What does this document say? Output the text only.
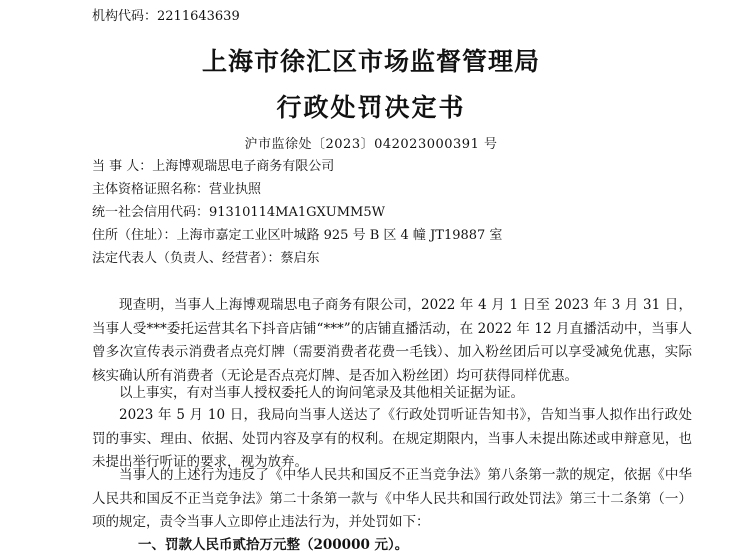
机构代码：2211643639
上海市徐汇区市场监督管理局
行政处罚决定书
沪市监徐处〔2023〕042023000391 号
当 事 人：上海博观瑞思电子商务有限公司
主体资格证照名称：营业执照
统一社会信用代码：91310114MA1GXUMM5W
住所（住址）：上海市嘉定工业区叶城路 925 号 B 区 4 幢 JT19887 室
法定代表人（负责人、经营者）：蔡启东

现查明，当事人上海博观瑞思电子商务有限公司，2022 年 4 月 1 日至 2023 年 3 月 31 日，当事人受***委托运营其名下抖音店铺“***”的店铺直播活动，在 2022 年 12 月直播活动中，当事人曾多次宣传表示消费者点亮灯牌（需要消费者花费一毛钱）、加入粉丝团后可以享受减免优惠，实际核实确认所有消费者（无论是否点亮灯牌、是否加入粉丝团）均可获得同样优惠。

以上事实，有对当事人授权委托人的询问笔录及其他相关证据为证。

2023 年 5 月 10 日，我局向当事人送达了《行政处罚听证告知书》，告知当事人拟作出行政处罚的事实、理由、依据、处罚内容及享有的权利。在规定期限内，当事人未提出陈述或申辩意见，也未提出举行听证的要求，视为放弃。

当事人的上述行为违反了《中华人民共和国反不正当竞争法》第八条第一款的规定，依据《中华人民共和国反不正当竞争法》第二十条第一款与《中华人民共和国行政处罚法》第三十二条第（一）项的规定，责令当事人立即停止违法行为，并处罚如下：

一、罚款人民币贰拾万元整（200000 元）。
